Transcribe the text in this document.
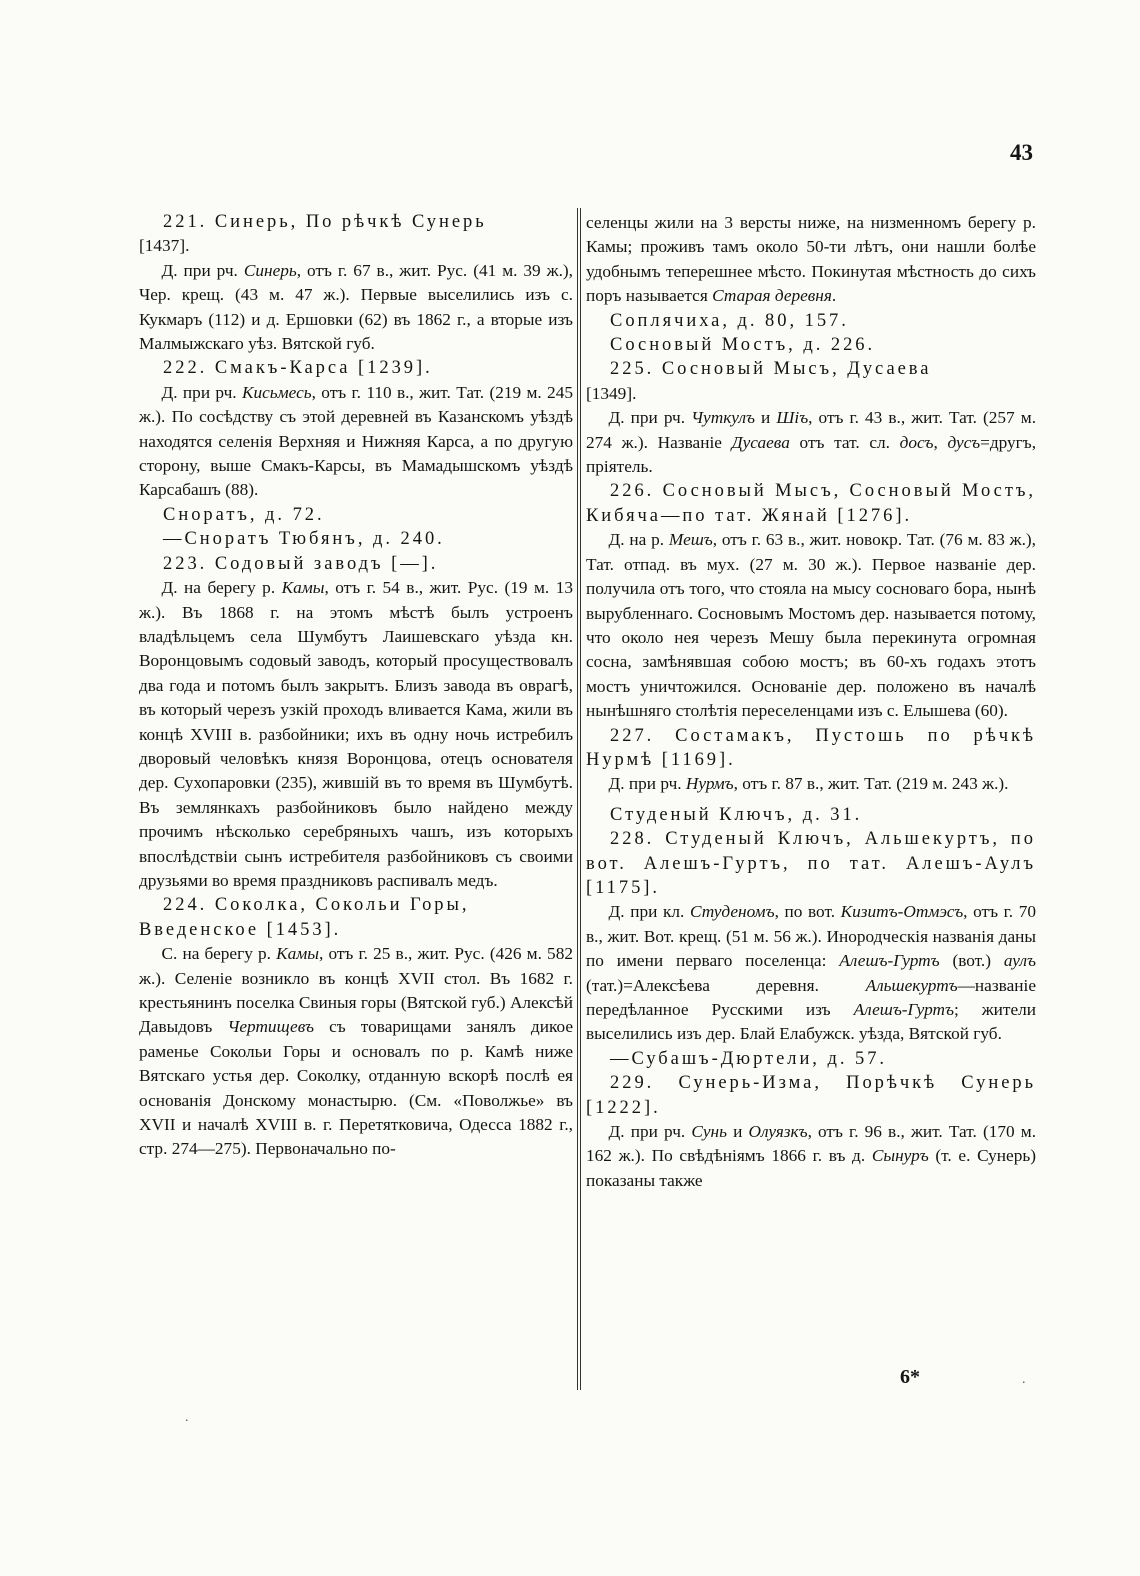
43

221. Синерь, По рѣчкѣ Сунерь

[1437].

Д. при рч. Синерь, отъ г. 67 в., жит. Рус. (41 м. 39 ж.), Чер. крещ. (43 м. 47 ж.). Первые выселились изъ с. Кукмаръ (112) и д. Ершовки (62) въ 1862 г., а вторые изъ Малмыжскаго уѣз. Вятской губ.

222. Смакъ-Карса [1239].

Д. при рч. Кисьмесь, отъ г. 110 в., жит. Тат. (219 м. 245 ж.). По сосѣдству съ этой деревней въ Казанскомъ уѣздѣ находятся селенія Верхняя и Нижняя Карса, а по другую сторону, выше Смакъ-Карсы, въ Мамадышскомъ уѣздѣ Карсабашъ (88).

Сноратъ, д. 72.

—Сноратъ Тюбянъ, д. 240.

223. Содовый заводъ [—].

Д. на берегу р. Камы, отъ г. 54 в., жит. Рус. (19 м. 13 ж.). Въ 1868 г. на этомъ мѣстѣ былъ устроенъ владѣльцемъ села Шумбутъ Лаишевскаго уѣзда кн. Воронцовымъ содовый заводъ, который просуществовалъ два года и потомъ былъ закрытъ. Близъ завода въ оврагѣ, въ который черезъ узкій проходъ вливается Кама, жили въ концѣ XVIII в. разбойники; ихъ въ одну ночь истребилъ дворовый человѣкъ князя Воронцова, отецъ основателя дер. Сухопаровки (235), жившій въ то время въ Шумбутѣ. Въ землянкахъ разбойниковъ было найдено между прочимъ нѣсколько серебряныхъ чашъ, изъ которыхъ впослѣдствіи сынъ истребителя разбойниковъ съ своими друзьями во время праздниковъ распивалъ медъ.

224. Соколка, Сокольи Горы,

Введенское [1453].

С. на берегу р. Камы, отъ г. 25 в., жит. Рус. (426 м. 582 ж.). Селеніе возникло въ концѣ XVII стол. Въ 1682 г. крестьянинъ поселка Свиныя горы (Вятской губ.) Алексѣй Давыдовъ Чертищевъ съ товарищами занялъ дикое раменье Сокольи Горы и основалъ по р. Камѣ ниже Вятскаго устья дер. Соколку, отданную вскорѣ послѣ ея основанія Донскому монастырю. (См. «Поволжье» въ XVII и началѣ XVIII в. г. Перетятковича, Одесса 1882 г., стр. 274—275). Первоначально по-

селенцы жили на 3 версты ниже, на низменномъ берегу р. Камы; проживъ тамъ около 50-ти лѣтъ, они нашли болѣе удобнымъ теперешнее мѣсто. Покинутая мѣстность до сихъ поръ называется Старая деревня.

Соплячиха, д. 80, 157.

Сосновый Мостъ, д. 226.

225. Сосновый Мысъ, Дусаева

[1349].

Д. при рч. Чуткулъ и Шiъ, отъ г. 43 в., жит. Тат. (257 м. 274 ж.). Названіе Дусаева отъ тат. сл. досъ, дусъ=другъ, пріятель.

226. Сосновый Мысъ, Сосновый Мостъ, Кибяча—по тат. Жянай [1276].

Д. на р. Мешъ, отъ г. 63 в., жит. новокр. Тат. (76 м. 83 ж.), Тат. отпад. въ мух. (27 м. 30 ж.). Первое названіе дер. получила отъ того, что стояла на мысу сосноваго бора, нынѣ вырубленнаго. Сосновымъ Мостомъ дер. называется потому, что около нея черезъ Мешу была перекинута огромная сосна, замѣнявшая собою мостъ; въ 60-хъ годахъ этотъ мостъ уничтожился. Основаніе дер. положено въ началѣ нынѣшняго столѣтія переселенцами изъ с. Елышева (60).

227. Состамакъ, Пустошь по рѣчкѣ Нурмѣ [1169].

Д. при рч. Нурмъ, отъ г. 87 в., жит. Тат. (219 м. 243 ж.).

Студеный Ключъ, д. 31.

228. Студеный Ключъ, Альшекуртъ, по вот. Алешъ-Гуртъ, по тат. Алешъ-Аулъ [1175].

Д. при кл. Студеномъ, по вот. Кизитъ-Отмэсъ, отъ г. 70 в., жит. Вот. крещ. (51 м. 56 ж.). Инородческія названія даны по имени перваго поселенца: Алешъ-Гуртъ (вот.) аулъ (тат.)=Алексѣева деревня. Альшекуртъ—названіе передѣланное Русскими изъ Алешъ-Гуртъ; жители выселились изъ дер. Блай Елабужск. уѣзда, Вятской губ.

—Субашъ-Дюртели, д. 57.

229. Сунерь-Изма, Порѣчкѣ Сунерь [1222].

Д. при рч. Сунь и Олуязкъ, отъ г. 96 в., жит. Тат. (170 м. 162 ж.). По свѣдѣніямъ 1866 г. въ д. Сынуръ (т. е. Сунерь) показаны также

6*	.
.
